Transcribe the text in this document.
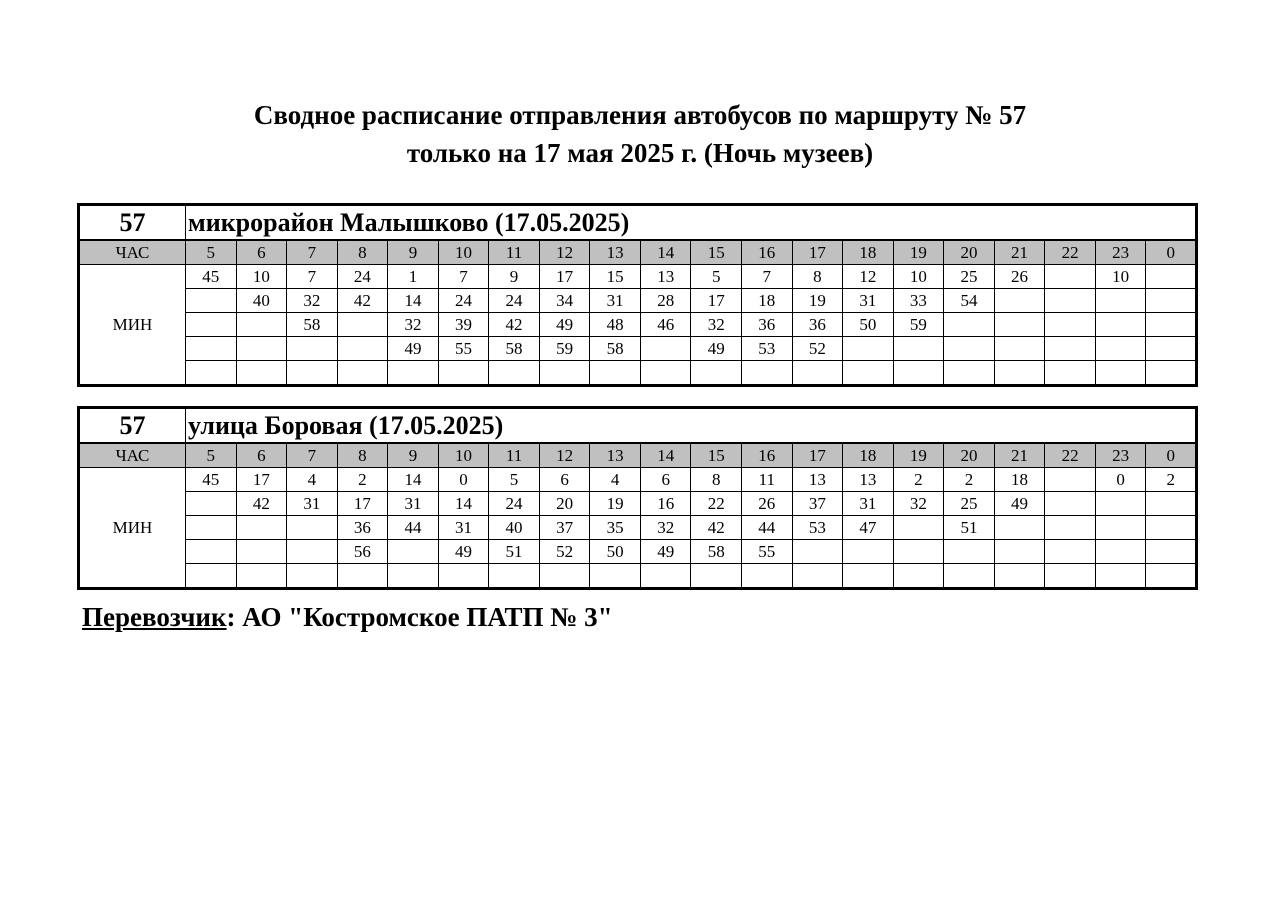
Сводное расписание отправления автобусов по маршруту № 57
только на 17 мая 2025 г. (Ночь музеев)
57	микрорайон Малышково (17.05.2025)																			
ЧАС	5	6	7	8	9	10	11	12	13	14	15	16	17	18	19	20	21	22	23	0
МИН	45	10	7	24	1	7	9	17	15	13	5	7	8	12	10	25	26		10	
		40	32	42	14	24	24	34	31	28	17	18	19	31	33	54				
			58		32	39	42	49	48	46	32	36	36	50	59					
					49	55	58	59	58		49	53	52							

57	улица Боровая (17.05.2025)																			
ЧАС	5	6	7	8	9	10	11	12	13	14	15	16	17	18	19	20	21	22	23	0
МИН	45	17	4	2	14	0	5	6	4	6	8	11	13	13	2	2	18		0	2
		42	31	17	31	14	24	20	19	16	22	26	37	31	32	25	49			
				36	44	31	40	37	35	32	42	44	53	47		51				
				56		49	51	52	50	49	58	55								

Перевозчик: АО "Костромское ПАТП № 3"
